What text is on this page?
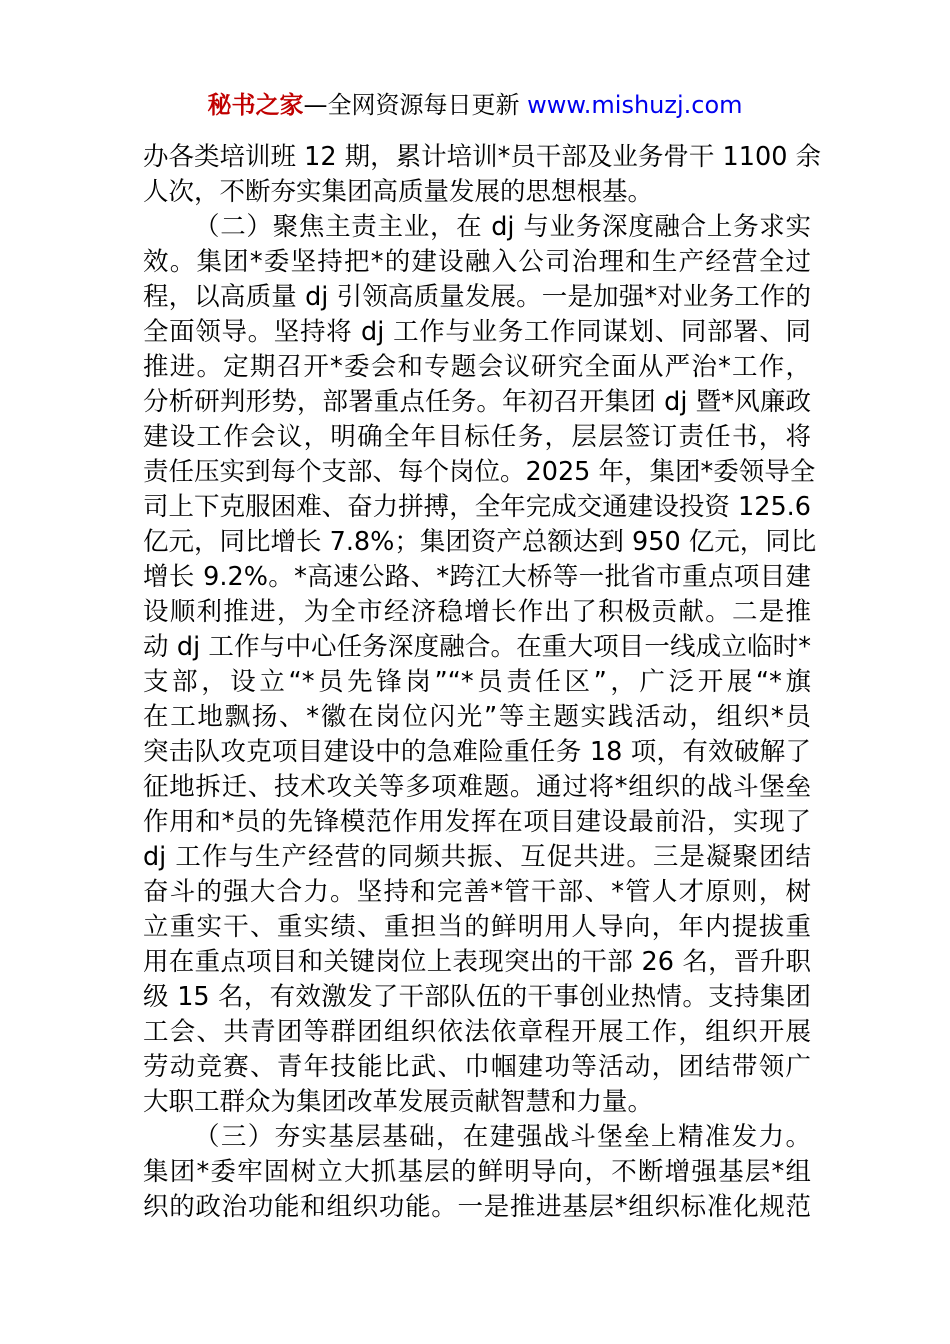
秘书之家—全网资源每日更新 www.mishuzj.com
办各类培训班 12 期，累计培训*员干部及业务骨干 1100 余
人次，不断夯实集团高质量发展的思想根基。
（二）聚焦主责主业，在 dj 与业务深度融合上务求实
效。集团*委坚持把*的建设融入公司治理和生产经营全过
程，以高质量 dj 引领高质量发展。一是加强*对业务工作的
全面领导。坚持将 dj 工作与业务工作同谋划、同部署、同
推进。定期召开*委会和专题会议研究全面从严治*工作，
分析研判形势，部署重点任务。年初召开集团 dj 暨*风廉政
建设工作会议，明确全年目标任务，层层签订责任书，将
责任压实到每个支部、每个岗位。2025 年，集团*委领导全
司上下克服困难、奋力拼搏，全年完成交通建设投资 125.6
亿元，同比增长 7.8%；集团资产总额达到 950 亿元，同比
增长 9.2%。*高速公路、*跨江大桥等一批省市重点项目建
设顺利推进，为全市经济稳增长作出了积极贡献。二是推
动 dj 工作与中心任务深度融合。在重大项目一线成立临时*
支部，设立“*员先锋岗”“*员责任区”，广泛开展“*旗
在工地飘扬、*徽在岗位闪光”等主题实践活动，组织*员
突击队攻克项目建设中的急难险重任务 18 项，有效破解了
征地拆迁、技术攻关等多项难题。通过将*组织的战斗堡垒
作用和*员的先锋模范作用发挥在项目建设最前沿，实现了
dj 工作与生产经营的同频共振、互促共进。三是凝聚团结
奋斗的强大合力。坚持和完善*管干部、*管人才原则，树
立重实干、重实绩、重担当的鲜明用人导向，年内提拔重
用在重点项目和关键岗位上表现突出的干部 26 名，晋升职
级 15 名，有效激发了干部队伍的干事创业热情。支持集团
工会、共青团等群团组织依法依章程开展工作，组织开展
劳动竞赛、青年技能比武、巾帼建功等活动，团结带领广
大职工群众为集团改革发展贡献智慧和力量。
（三）夯实基层基础，在建强战斗堡垒上精准发力。
集团*委牢固树立大抓基层的鲜明导向，不断增强基层*组
织的政治功能和组织功能。一是推进基层*组织标准化规范
